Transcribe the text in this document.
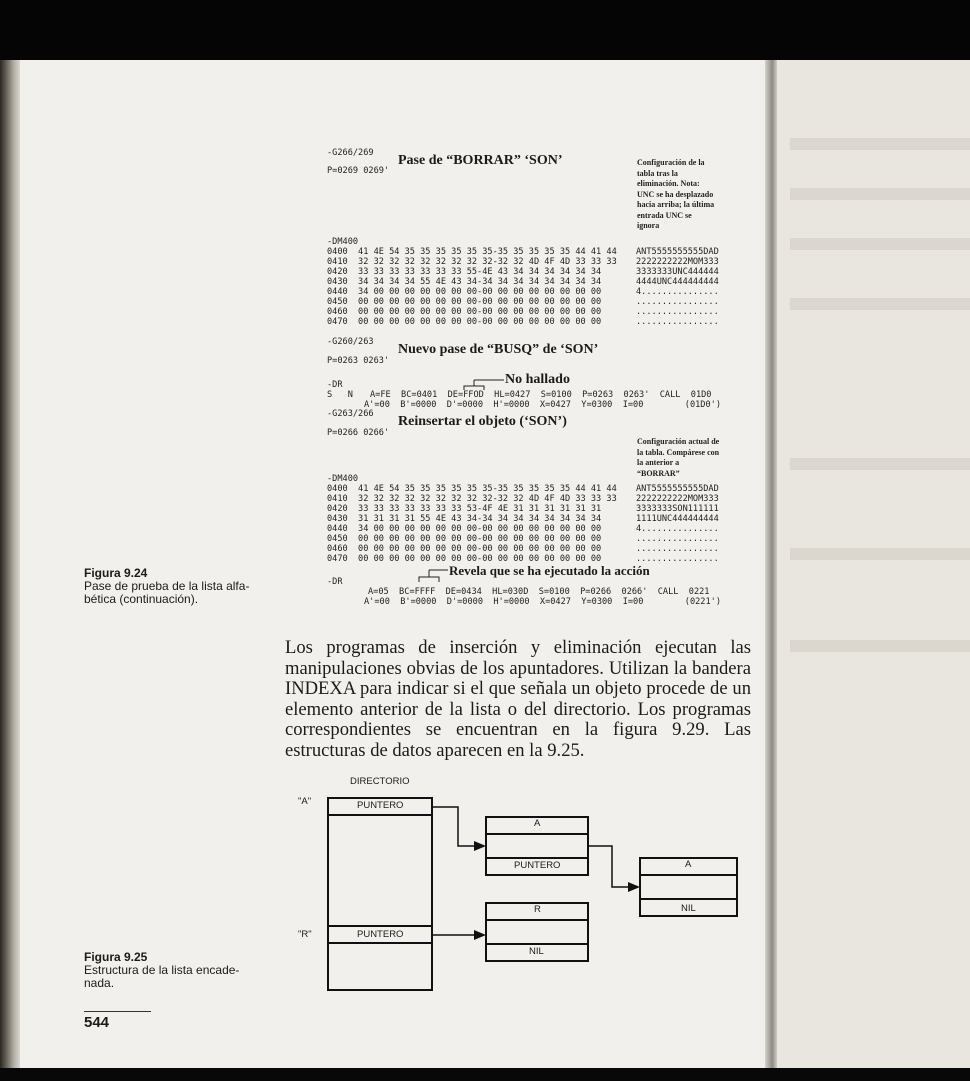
-G266/269
P=0269 0269'
Pase de “BORRAR” ‘SON’	Configuración de la tabla tras la eliminación. Nota: UNC se ha desplazado hacia arriba; la última entrada UNC se ignora
-DM400
0400  41 4E 54 35 35 35 35 35 35-35 35 35 35 35 44 41 44
0410  32 32 32 32 32 32 32 32 32-32 32 4D 4F 4D 33 33 33
0420  33 33 33 33 33 33 33 55-4E 43 34 34 34 34 34 34
0430  34 34 34 34 55 4E 43 34-34 34 34 34 34 34 34 34
0440  34 00 00 00 00 00 00 00-00 00 00 00 00 00 00 00
0450  00 00 00 00 00 00 00 00-00 00 00 00 00 00 00 00
0460  00 00 00 00 00 00 00 00-00 00 00 00 00 00 00 00
0470  00 00 00 00 00 00 00 00-00 00 00 00 00 00 00 00
ANT5555555555DAD
2222222222MOM333
3333333UNC444444
4444UNC444444444
4...............
................
................
................
-G260/263 Nuevo pase de “BUSQ” de ‘SON’
P=0263 0263'
No hallado
-DR
S   N A=FE  BC=0401  DE=FFOD  HL=0427  S=0100  P=0263  0263'  CALL  01D0
A'=00  B'=0000  D'=0000  H'=0000  X=0427  Y=0300  I=00        (01D0')
-G263/266 Reinsertar el objeto (‘SON’)
P=0266 0266'
Configuración actual de la tabla. Compárese con la anterior a “BORRAR”
-DM400
0400  41 4E 54 35 35 35 35 35 35-35 35 35 35 35 44 41 44
0410  32 32 32 32 32 32 32 32 32-32 32 4D 4F 4D 33 33 33
0420  33 33 33 33 33 33 33 53-4F 4E 31 31 31 31 31 31
0430  31 31 31 31 55 4E 43 34-34 34 34 34 34 34 34 34
0440  34 00 00 00 00 00 00 00-00 00 00 00 00 00 00 00
0450  00 00 00 00 00 00 00 00-00 00 00 00 00 00 00 00
0460  00 00 00 00 00 00 00 00-00 00 00 00 00 00 00 00
0470  00 00 00 00 00 00 00 00-00 00 00 00 00 00 00 00
ANT5555555555DAD
2222222222MOM333
3333333SON111111
1111UNC444444444
4...............
................
................
................
Revela que se ha ejecutado la acción
-DR
A=05  BC=FFFF  DE=0434  HL=030D  S=0100  P=0266  0266'  CALL  0221
A'=00  B'=0000  D'=0000  H'=0000  X=0427  Y=0300  I=00        (0221')
Figura 9.24
Pase de prueba de la lista alfa-bética (continuación).
Los programas de inserción y eliminación ejecutan las manipulaciones obvias de los apuntadores. Utilizan la bandera INDEXA para indicar si el que señala un objeto procede de un elemento anterior de la lista o del directorio. Los programas correspondientes se encuentran en la figura 9.29. Las estructuras de datos aparecen en la 9.25.
DIRECTORIO
"A"
"R"
PUNTERO
PUNTERO
A
PUNTERO
R
NIL
A
NIL
Figura 9.25
Estructura de la lista encade-nada.
544
